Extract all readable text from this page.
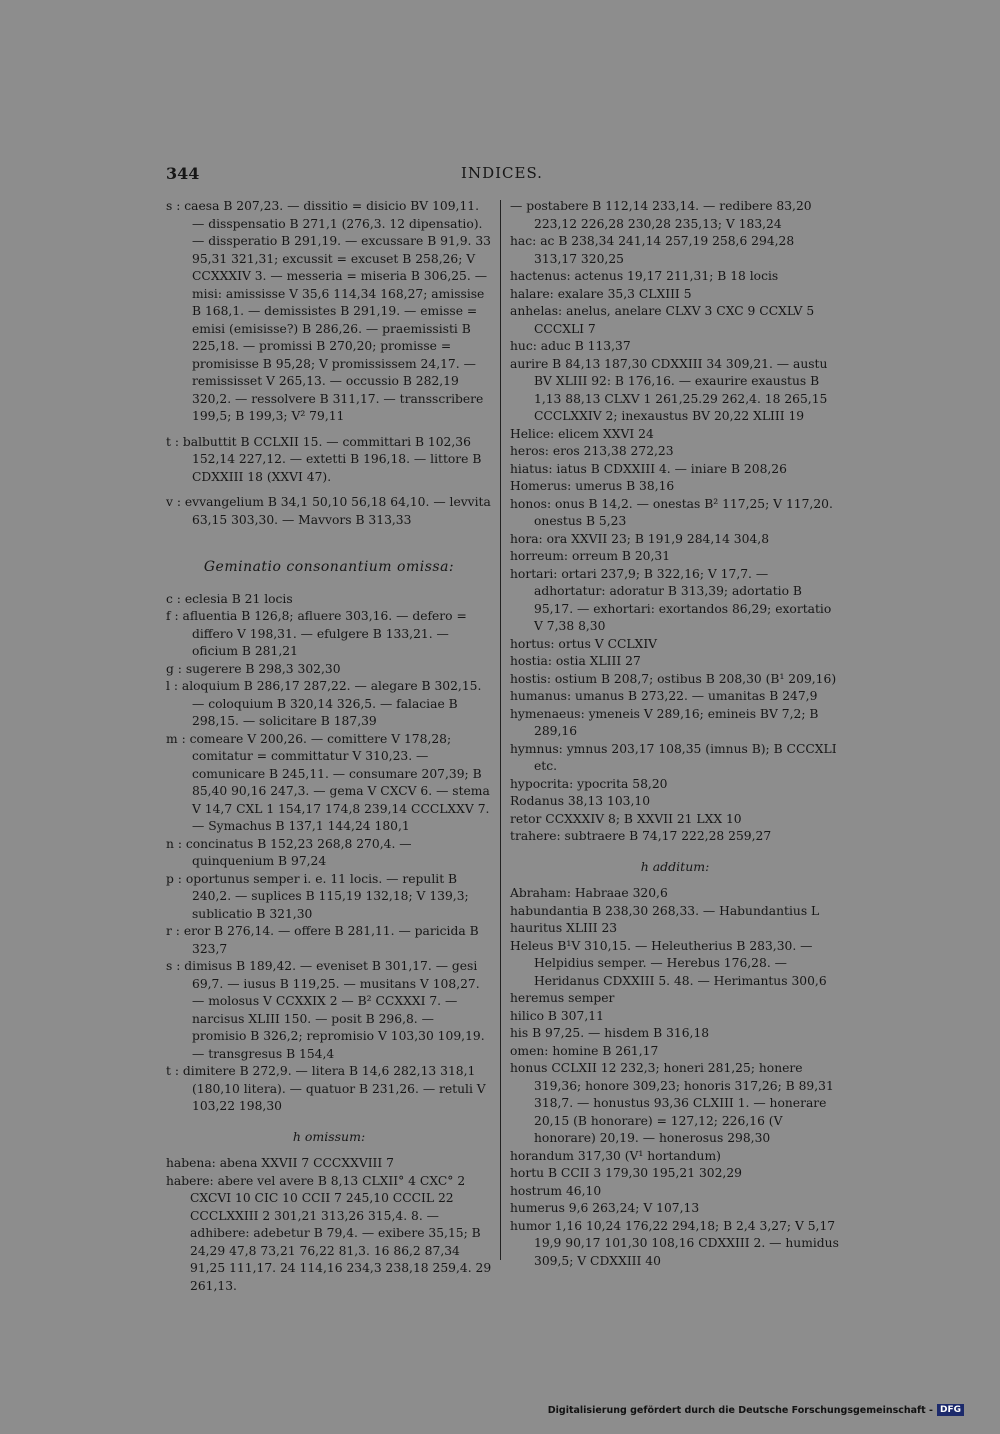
344	INDICES.

s : caesa B 207,23. — dissitio = disicio BV 109,11. — disspensatio B 271,1 (276,3. 12 dipensatio). — dissperatio B 291,19. — excussare B 91,9. 33 95,31 321,31; excussit = excuset B 258,26; V CCXXXIV 3. — messeria = miseria B 306,25. — misi: amississe V 35,6 114,34 168,27; amissise B 168,1. — demissistes B 291,19. — emisse = emisi (emisisse?) B 286,26. — praemissisti B 225,18. — promissi B 270,20; promisse = promisisse B 95,28; V promississem 24,17. — remississet V 265,13. — occussio B 282,19 320,2. — ressolvere B 311,17. — transscribere 199,5; B 199,3; V² 79,11

t : balbuttit B CCLXII 15. — committari B 102,36 152,14 227,12. — extetti B 196,18. — littore B CDXXIII 18 (XXVI 47).

v : evvangelium B 34,1 50,10 56,18 64,10. — levvita 63,15 303,30. — Mavvors B 313,33

Geminatio consonantium omissa:

c : eclesia B 21 locis

f : afluentia B 126,8; afluere 303,16. — defero = differo V 198,31. — efulgere B 133,21. — oficium B 281,21

g : sugerere B 298,3 302,30

l : aloquium B 286,17 287,22. — alegare B 302,15. — coloquium B 320,14 326,5. — falaciae B 298,15. — solicitare B 187,39

m : comeare V 200,26. — comittere V 178,28; comitatur = committatur V 310,23. — comunicare B 245,11. — consumare 207,39; B 85,40 90,16 247,3. — gema V CXCV 6. — stema V 14,7 CXL 1 154,17 174,8 239,14 CCCLXXV 7. — Symachus B 137,1 144,24 180,1

n : concinatus B 152,23 268,8 270,4. — quinquenium B 97,24

p : oportunus semper i. e. 11 locis. — repulit B 240,2. — suplices B 115,19 132,18; V 139,3; sublicatio B 321,30

r : eror B 276,14. — offere B 281,11. — paricida B 323,7

s : dimisus B 189,42. — eveniset B 301,17. — gesi 69,7. — iusus B 119,25. — musitans V 108,27. — molosus V CCXXIX 2 — B² CCXXXI 7. — narcisus XLIII 150. — posit B 296,8. — promisio B 326,2; repromisio V 103,30 109,19. — transgresus B 154,4

t : dimitere B 272,9. — litera B 14,6 282,13 318,1 (180,10 litera). — quatuor B 231,26. — retuli V 103,22 198,30

h omissum:

habena: abena XXVII 7 CCCXXVIII 7

habere: abere vel avere B 8,13 CLXII° 4 CXC° 2 CXCVI 10 CIC 10 CCII 7 245,10 CCCIL 22 CCCLXXIII 2 301,21 313,26 315,4. 8. — adhibere: adebetur B 79,4. — exibere 35,15; B 24,29 47,8 73,21 76,22 81,3. 16 86,2 87,34 91,25 111,17. 24 114,16 234,3 238,18 259,4. 29 261,13.

— postabere B 112,14 233,14. — redibere 83,20 223,12 226,28 230,28 235,13; V 183,24

hac: ac B 238,34 241,14 257,19 258,6 294,28 313,17 320,25

hactenus: actenus 19,17 211,31; B 18 locis

halare: exalare 35,3 CLXIII 5

anhelas: anelus, anelare CLXV 3 CXC 9 CCXLV 5 CCCXLI 7

huc: aduc B 113,37

aurire B 84,13 187,30 CDXXIII 34 309,21. — austu BV XLIII 92: B 176,16. — exaurire exaustus B 1,13 88,13 CLXV 1 261,25.29 262,4. 18 265,15 CCCLXXIV 2; inexaustus BV 20,22 XLIII 19

Helice: elicem XXVI 24

heros: eros 213,38 272,23

hiatus: iatus B CDXXIII 4. — iniare B 208,26

Homerus: umerus B 38,16

honos: onus B 14,2. — onestas B² 117,25; V 117,20. onestus B 5,23

hora: ora XXVII 23; B 191,9 284,14 304,8

horreum: orreum B 20,31

hortari: ortari 237,9; B 322,16; V 17,7. — adhortatur: adoratur B 313,39; adortatio B 95,17. — exhortari: exortandos 86,29; exortatio V 7,38 8,30

hortus: ortus V CCLXIV

hostia: ostia XLIII 27

hostis: ostium B 208,7; ostibus B 208,30 (B¹ 209,16)

humanus: umanus B 273,22. — umanitas B 247,9

hymenaeus: ymeneis V 289,16; emineis BV 7,2; B 289,16

hymnus: ymnus 203,17 108,35 (imnus B); B CCCXLI etc.

hypocrita: ypocrita 58,20

Rodanus 38,13 103,10

retor CCXXXIV 8; B XXVII 21 LXX 10

trahere: subtraere B 74,17 222,28 259,27

h additum:

Abraham: Habraae 320,6

habundantia B 238,30 268,33. — Habundantius L

hauritus XLIII 23

Heleus B¹V 310,15. — Heleutherius B 283,30. — Helpidius semper. — Herebus 176,28. — Heridanus CDXXIII 5. 48. — Herimantus 300,6

heremus semper

hilico B 307,11

his B 97,25. — hisdem B 316,18

omen: homine B 261,17

honus CCLXII 12 232,3; honeri 281,25; honere 319,36; honore 309,23; honoris 317,26; B 89,31 318,7. — honustus 93,36 CLXIII 1. — honerare 20,15 (B honorare) = 127,12; 226,16 (V honorare) 20,19. — honerosus 298,30

horandum 317,30 (V¹ hortandum)

hortu B CCII 3 179,30 195,21 302,29

hostrum 46,10

humerus 9,6 263,24; V 107,13

humor 1,16 10,24 176,22 294,18; B 2,4 3,27; V 5,17 19,9 90,17 101,30 108,16 CDXXIII 2. — humidus 309,5; V CDXXIII 40

Digitalisierung gefördert durch die Deutsche Forschungsgemeinschaft - DFG
